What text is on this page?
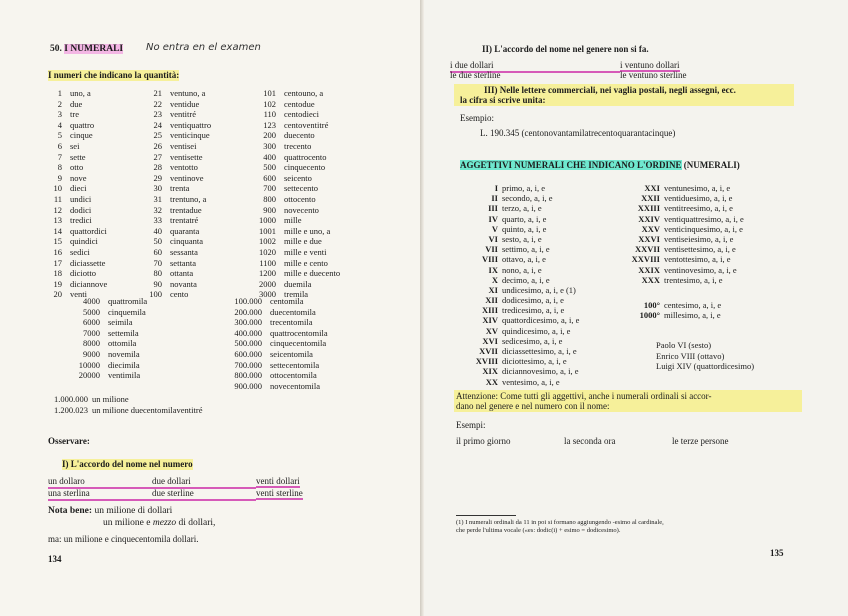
50. I NUMERALI No entra en el examen
I numeri che indicano la quantità:
1 uno, a
2 due
3 tre
4 quattro
5 cinque
6 sei
7 sette
8 otto
9 nove
10 dieci
11 undici
12 dodici
13 tredici
14 quattordici
15 quindici
16 sedici
17 diciassette
18 diciotto
19 diciannove
20 venti
21 ventuno, a
22 ventidue
23 ventitré
24 ventiquattro
25 venticinque
26 ventisei
27 ventisette
28 ventotto
29 ventinove
30 trenta
31 trentuno, a
32 trentadue
33 trentatré
40 quaranta
50 cinquanta
60 sessanta
70 settanta
80 ottanta
90 novanta
100 cento
101 centouno, a
102 centodue
110 centodieci
123 centoventitré
200 duecento
300 trecento
400 quattrocento
500 cinquecento
600 seicento
700 settecento
800 ottocento
900 novecento
1000 mille
1001 mille e uno, a
1002 mille e due
1020 mille e venti
1100 mille e cento
1200 mille e duecento
2000 duemila
3000 tremila
4000 quattromila
5000 cinquemila
6000 seimila
7000 settemila
8000 ottomila
9000 novemila
10000 diecimila
20000 ventimila
100.000 centomila
200.000 duecentomila
300.000 trecentomila
400.000 quattrocentomila
500.000 cinquecentomila
600.000 seicentomila
700.000 settecentomila
800.000 ottocentomila
900.000 novecentomila
1.000.000 un milione
1.200.023 un milione duecentomilaventitré
Osservare:
I) L'accordo del nome nel numero
un dollaro	due dollari	venti dollari
una sterlina	due sterline	venti sterline
Nota bene: un milione di dollari
un milione e mezzo di dollari,
ma: un milione e cinquecentomila dollari.
134
II) L'accordo del nome nel genere non si fa.
i due dollari	i ventuno dollari
le due sterline	le ventuno sterline
III) Nelle lettere commerciali, nei vaglia postali, negli assegni, ecc.
la cifra si scrive unita:
Esempio:
L. 190.345 (centonovantamilatrecentoquarantacinque)
AGGETTIVI NUMERALI CHE INDICANO L'ORDINE (NUMERALI)
I primo, a, i, e
II secondo, a, i, e
III terzo, a, i, e
IV quarto, a, i, e
V quinto, a, i, e
VI sesto, a, i, e
VII settimo, a, i, e
VIII ottavo, a, i, e
IX nono, a, i, e
X decimo, a, i, e
XI undicesimo, a, i, e (1)
XII dodicesimo, a, i, e
XIII tredicesimo, a, i, e
XIV quattordicesimo, a, i, e
XV quindicesimo, a, i, e
XVI sedicesimo, a, i, e
XVII diciassettesimo, a, i, e
XVIII diciottesimo, a, i, e
XIX diciannovesimo, a, i, e
XX ventesimo, a, i, e
XXI ventunesimo, a, i, e
XXII ventiduesimo, a, i, e
XXIII ventitreesimo, a, i, e
XXIV ventiquattresimo, a, i, e
XXV venticinquesimo, a, i, e
XXVI ventiseiesimo, a, i, e
XXVII ventisettesimo, a, i, e
XXVIII ventottesimo, a, i, e
XXIX ventinovesimo, a, i, e
XXX trentesimo, a, i, e
100° centesimo, a, i, e
1000° millesimo, a, i, e
Paolo VI (sesto)
Enrico VIII (ottavo)
Luigi XIV (quattordicesimo)
Attenzione: Come tutti gli aggettivi, anche i numerali ordinali si accor-
dano nel genere e nel numero con il nome:
Esempi:
il primo giorno	la seconda ora	le terze persone
(1) I numerali ordinali da 11 in poi si formano aggiungendo -esimo al cardinale,
che perde l'ultima vocale («es: dodic(i) + esimo = dodicesimo).
135
